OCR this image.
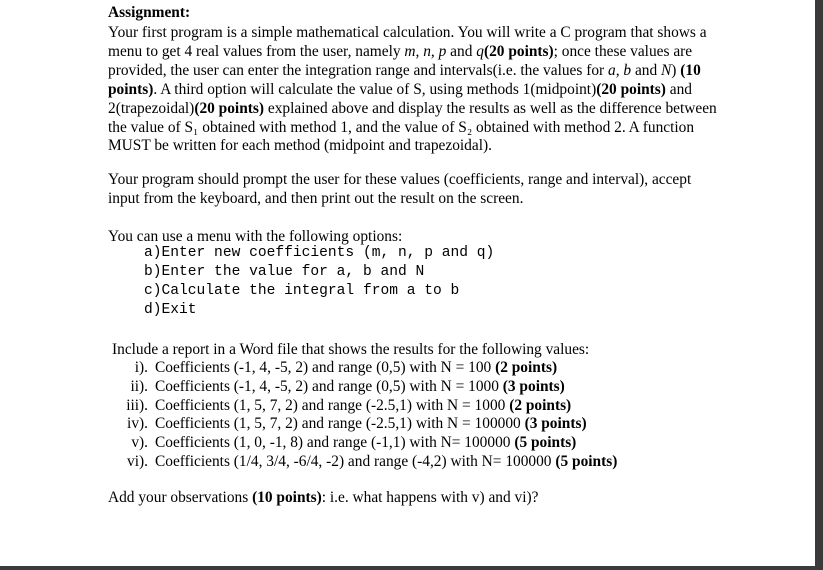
Assignment:

Your first program is a simple mathematical calculation. You will write a C program that shows a

menu to get 4 real values from the user, namely m, n, p and q(20 points); once these values are

provided, the user can enter the integration range and intervals(i.e. the values for a, b and N) (10

points). A third option will calculate the value of S, using methods 1(midpoint)(20 points) and

2(trapezoidal)(20 points) explained above and display the results as well as the difference between

the value of S₁ obtained with method 1, and the value of S₂ obtained with method 2. A function

MUST be written for each method (midpoint and trapezoidal).

Your program should prompt the user for these values (coefficients, range and interval), accept

input from the keyboard, and then print out the result on the screen.

You can use a menu with the following options:
a)Enter new coefficients (m, n, p and q)
b)Enter the value for a, b and N
c)Calculate the integral from a to b
d)Exit
Include a report in a Word file that shows the results for the following values:
i). Coefficients (-1, 4, -5, 2) and range (0,5) with N = 100 (2 points)
ii). Coefficients (-1, 4, -5, 2) and range (0,5) with N = 1000 (3 points)
iii). Coefficients (1, 5, 7, 2) and range (-2.5,1) with N = 1000 (2 points)
iv). Coefficients (1, 5, 7, 2) and range (-2.5,1) with N = 100000 (3 points)
v). Coefficients (1, 0, -1, 8) and range (-1,1) with N= 100000 (5 points)
vi). Coefficients (1/4, 3/4, -6/4, -2) and range (-4,2) with N= 100000 (5 points)
Add your observations (10 points): i.e. what happens with v) and vi)?
